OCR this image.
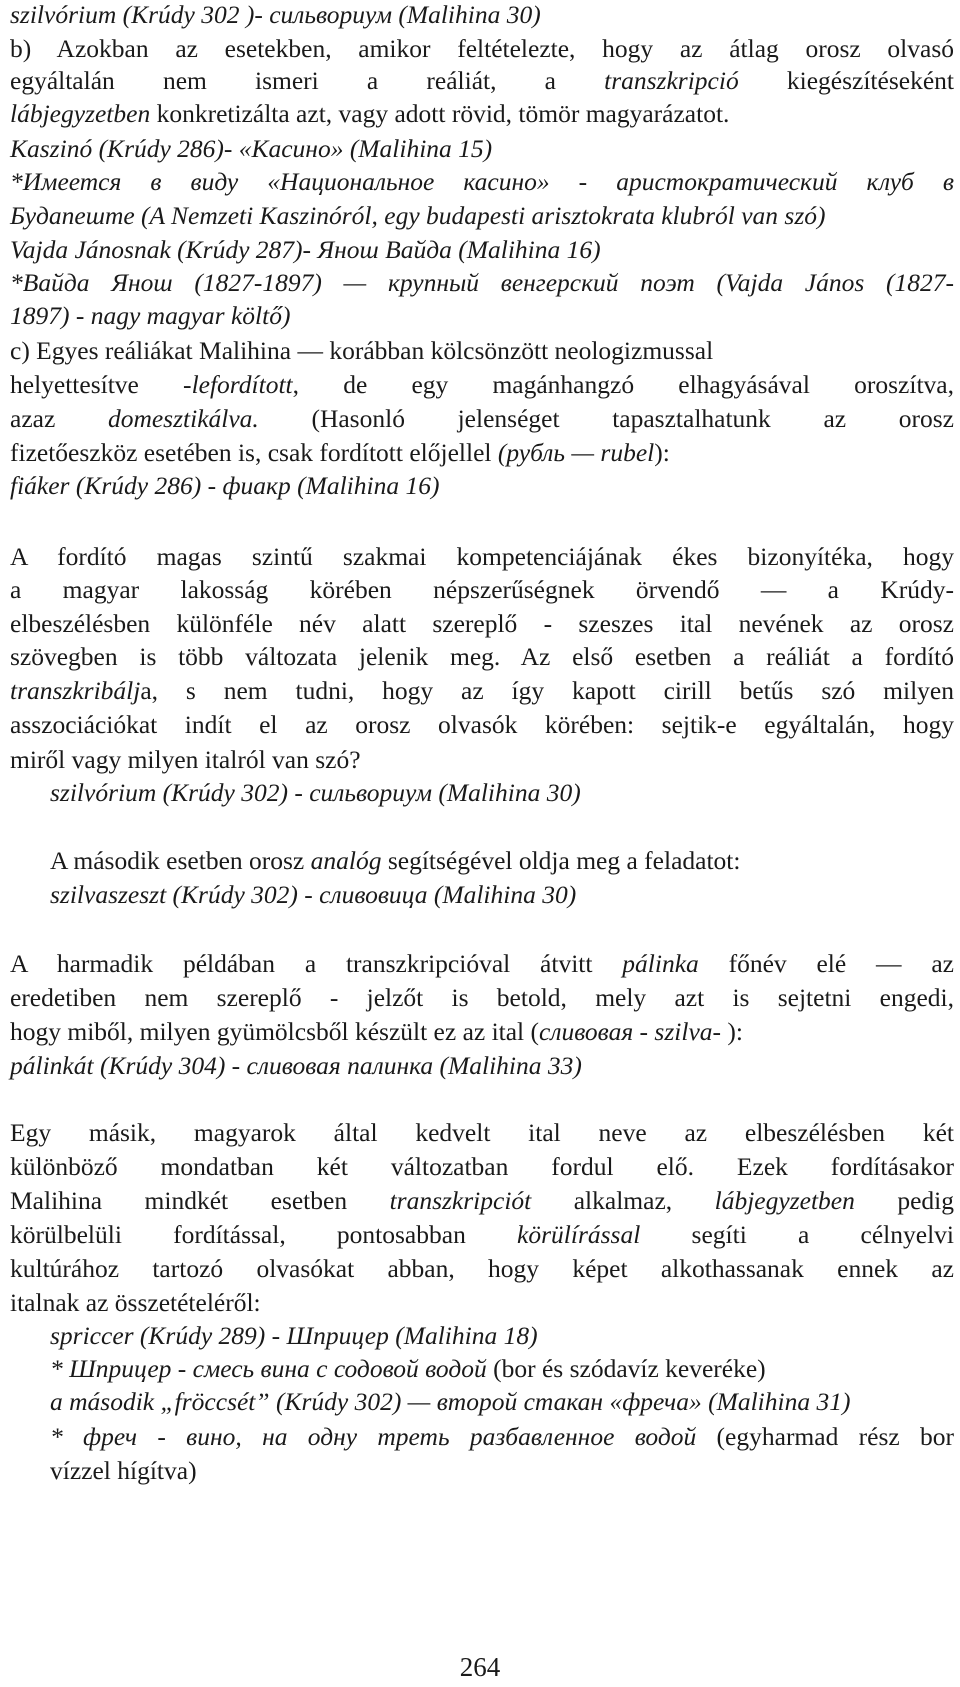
szilvórium (Krúdy 302 )- сильвориум (Malihina 30)
b) Azokban az esetekben, amikor feltételezte, hogy az átlag orosz olvasó
egyáltalán nem ismeri a reáliát, a transzkripció kiegészítéseként
lábjegyzetben konkretizálta azt, vagy adott rövid, tömör magyarázatot.
Kaszinó (Krúdy 286)- «Касино» (Malihina 15)
*Имеется в виду «Национальное касино» - аристократический клуб в
Будапеште (A Nemzeti Kaszinóról, egy budapesti arisztokrata klubról van szó)
Vajda Jánosnak (Krúdy 287)- Янош Вайда (Malihina 16)
*Вайда Янош (1827-1897) — крупный венгерский поэт (Vajda János (1827-
1897) - nagy magyar költő)
c) Egyes reáliákat Malihina — korábban kölcsönzött neologizmussal
helyettesítve -lefordított, de egy magánhangzó elhagyásával oroszítva,
azaz domesztikálva. (Hasonló jelenséget tapasztalhatunk az orosz
fizetőeszköz esetében is, csak fordított előjellel (рубль — rubel):
fiáker (Krúdy 286) - фиакр (Malihina 16)
A fordító magas szintű szakmai kompetenciájának ékes bizonyítéka, hogy
a magyar lakosság körében népszerűségnek örvendő — a Krúdy-
elbeszélésben különféle név alatt szereplő - szeszes ital nevének az orosz
szövegben is több változata jelenik meg. Az első esetben a reáliát a fordító
transzkribálja, s nem tudni, hogy az így kapott cirill betűs szó milyen
asszociációkat indít el az orosz olvasók körében: sejtik-e egyáltalán, hogy
miről vagy milyen italról van szó?
szilvórium (Krúdy 302) - сильвориум (Malihina 30)
A második esetben orosz analóg segítségével oldja meg a feladatot:
szilvaszeszt (Krúdy 302) - сливовица (Malihina 30)
A harmadik példában a transzkripcióval átvitt pálinka főnév elé — az
eredetiben nem szereplő - jelzőt is betold, mely azt is sejtetni engedi,
hogy miből, milyen gyümölcsből készült ez az ital (сливовая - szilva- ):
pálinkát (Krúdy 304) - сливовая палинка (Malihina 33)
Egy másik, magyarok által kedvelt ital neve az elbeszélésben két
különböző mondatban két változatban fordul elő. Ezek fordításakor
Malihina mindkét esetben transzkripciót alkalmaz, lábjegyzetben pedig
körülbelüli fordítással, pontosabban körülírással segíti a célnyelvi
kultúrához tartozó olvasókat abban, hogy képet alkothassanak ennek az
italnak az összetételéről:
spriccer (Krúdy 289) - Шприцер (Malihina 18)
* Шприцер - смесь вина с содовой водой (bor és szódavíz keveréke)
a második „fröccsét” (Krúdy 302) — второй стакан «фреча» (Malihina 31)
* фреч - вино, на одну треть разбавленное водой (egyharmad rész bor
vízzel hígítva)
264
